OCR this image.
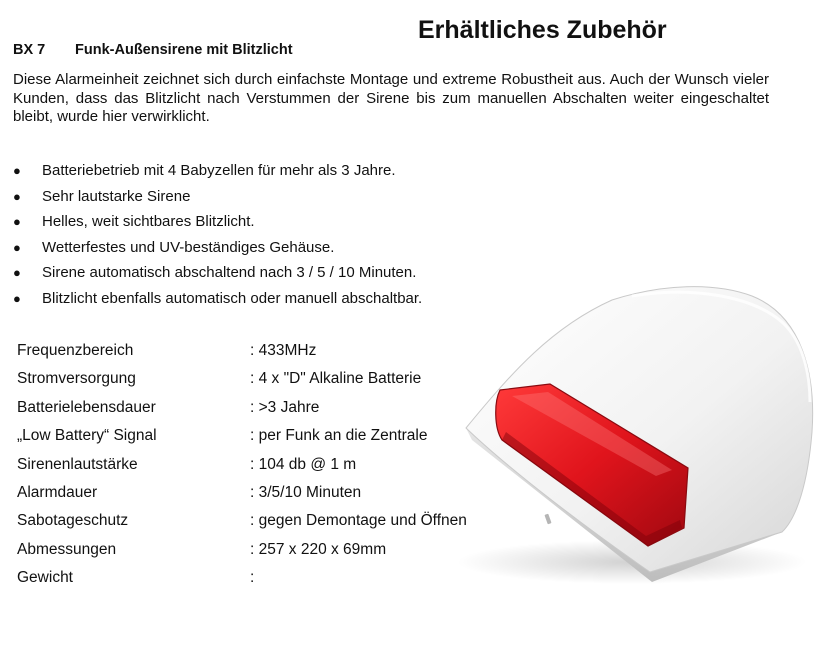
Erhältliches Zubehör
BX 7 Funk-Außensirene mit Blitzlicht
Diese Alarmeinheit zeichnet sich durch einfachste Montage und extreme Robustheit aus. Auch der Wunsch vieler Kunden, dass das Blitzlicht nach Verstummen der Sirene bis zum manuellen Abschalten weiter eingeschaltet bleibt, wurde hier verwirklicht.
● Batteriebetrieb mit 4 Babyzellen für mehr als 3 Jahre.
● Sehr lautstarke Sirene
● Helles, weit sichtbares Blitzlicht.
● Wetterfestes und UV-beständiges Gehäuse.
● Sirene automatisch abschaltend nach 3 / 5 / 10 Minuten.
● Blitzlicht ebenfalls automatisch oder manuell abschaltbar.
Frequenzbereich	: 433MHz
Stromversorgung	: 4 x "D" Alkaline Batterie
Batterielebensdauer	: >3 Jahre
„Low Battery“ Signal	: per Funk an die Zentrale
Sirenenlautstärke	: 104 db @ 1 m
Alarmdauer	: 3/5/10 Minuten
Sabotageschutz	: gegen Demontage und Öffnen
Abmessungen	: 257 x 220 x 69mm
Gewicht	:
